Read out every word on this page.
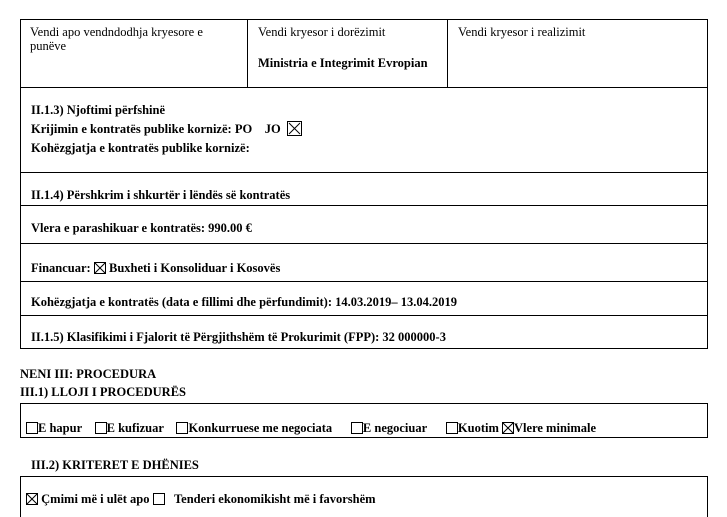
Vendi apo vendndodhja kryesore e punëve
Vendi kryesor i dorëzimit
Ministria e Integrimit Evropian
Vendi kryesor i realizimit
II.1.3) Njoftimi përfshinë
Krijimin e kontratës publike kornizë: PO JO
Kohëzgjatja e kontratës publike kornizë:
II.1.4) Përshkrim i shkurtër i lëndës së kontratës
Vlera e parashikuar e kontratës: 990.00 €
Financuar: Buxheti i Konsoliduar i Kosovës
Kohëzgjatja e kontratës (data e fillimi dhe përfundimit): 14.03.2019– 13.04.2019
II.1.5) Klasifikimi i Fjalorit të Përgjithshëm të Prokurimit (FPP): 32 000000-3
NENI III: PROCEDURA
III.1) LLOJI I PROCEDURËS
E hapur E kufizuar Konkurruese me negociata E negociuar Kuotim Vlere minimale
III.2) KRITERET E DHËNIES
Çmimi më i ulët apo Tenderi ekonomikisht më i favorshëm
